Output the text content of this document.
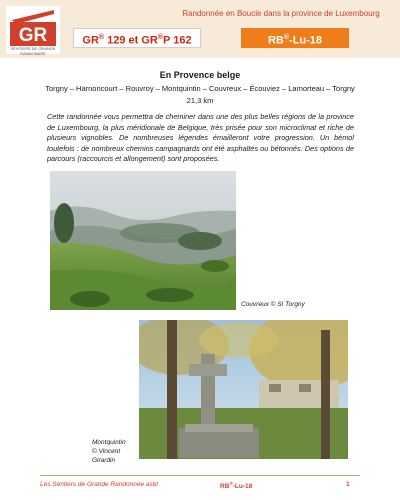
GR
SENTIERS DE GRANDE RANDONNÉE
Randonnée en Boucle dans la province de Luxembourg
GR® 129 et GR®P 162	RB®-Lu-18
En Provence belge
Torgny – Harnoncourt – Rouvroy – Montquintin – Couvreux – Écouviez – Lamorteau – Torgny
21,3 km
Cette randonnée vous permettra de cheminer dans une des plus belles régions de la province de Luxembourg, la plus méridionale de Belgique, très prisée pour son microclimat et riche de plusieurs vignobles. De nombreuses légendes émailleront votre progression. Un bémol toutefois : de nombreux chemins campagnards ont été asphaltés ou bétonnés. Des options de parcours (raccourcis et allongement) sont proposées.
Couvreux © SI Torgny
Montquintin
© Vincent Girardin
Les Sentiers de Grande Randonnée asbl	RB®-Lu-18	1
